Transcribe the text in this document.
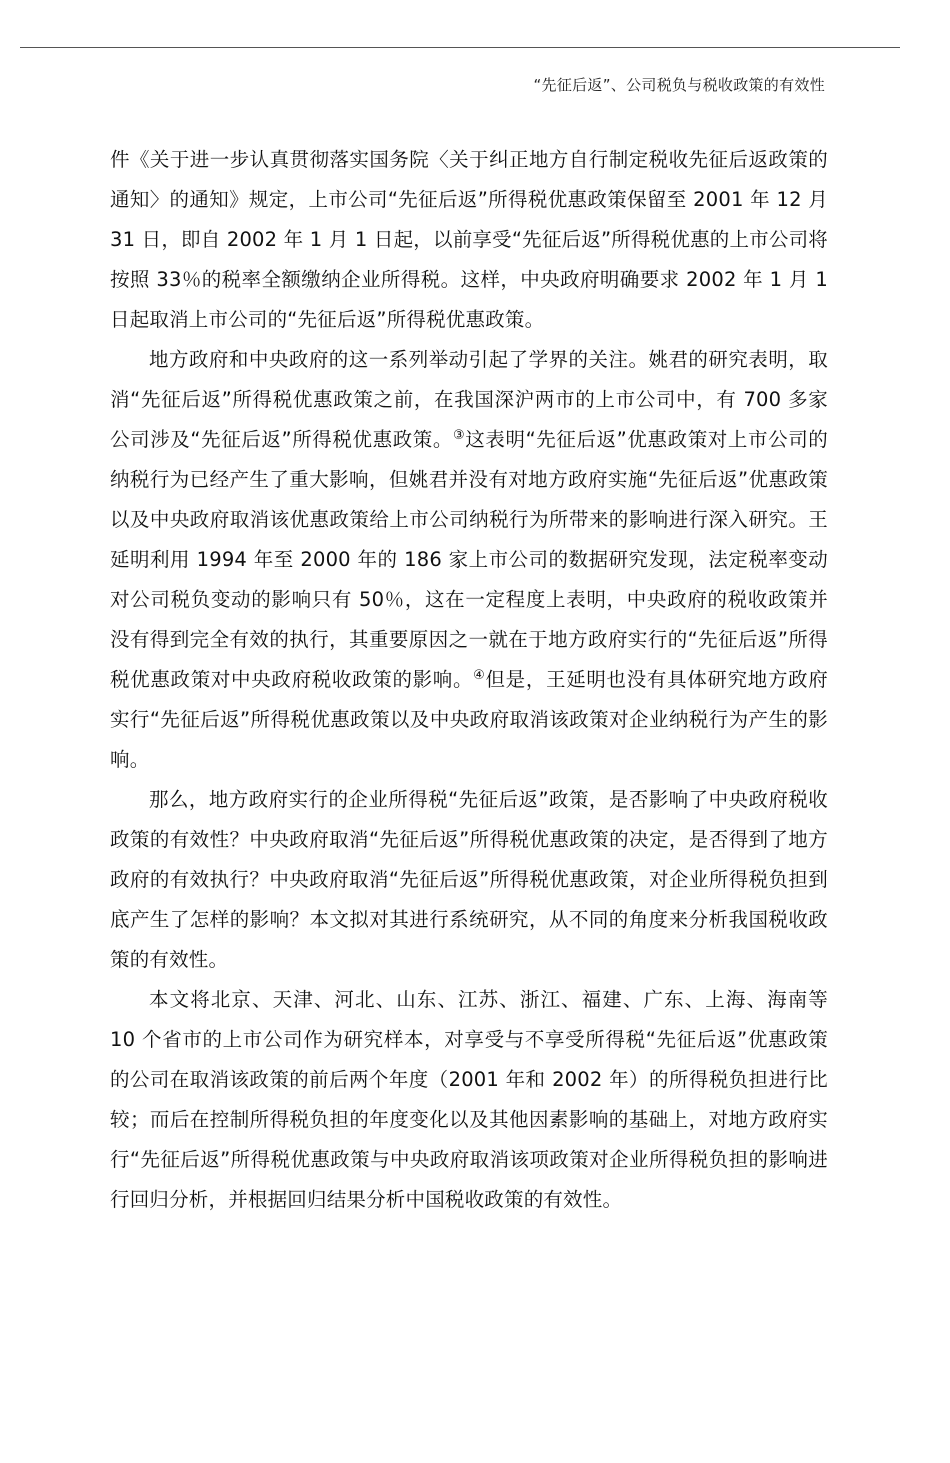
“先征后返”、公司税负与税收政策的有效性

件《关于进一步认真贯彻落实国务院〈关于纠正地方自行制定税收先征后返政策的通知〉的通知》规定，上市公司“先征后返”所得税优惠政策保留至 2001 年 12 月 31 日，即自 2002 年 1 月 1 日起，以前享受“先征后返”所得税优惠的上市公司将按照 33％的税率全额缴纳企业所得税。这样，中央政府明确要求 2002 年 1 月 1 日起取消上市公司的“先征后返”所得税优惠政策。

地方政府和中央政府的这一系列举动引起了学界的关注。姚君的研究表明，取消“先征后返”所得税优惠政策之前，在我国深沪两市的上市公司中，有 700 多家公司涉及“先征后返”所得税优惠政策。③这表明“先征后返”优惠政策对上市公司的纳税行为已经产生了重大影响，但姚君并没有对地方政府实施“先征后返”优惠政策以及中央政府取消该优惠政策给上市公司纳税行为所带来的影响进行深入研究。王延明利用 1994 年至 2000 年的 186 家上市公司的数据研究发现，法定税率变动对公司税负变动的影响只有 50％，这在一定程度上表明，中央政府的税收政策并没有得到完全有效的执行，其重要原因之一就在于地方政府实行的“先征后返”所得税优惠政策对中央政府税收政策的影响。④但是，王延明也没有具体研究地方政府实行“先征后返”所得税优惠政策以及中央政府取消该政策对企业纳税行为产生的影响。

那么，地方政府实行的企业所得税“先征后返”政策，是否影响了中央政府税收政策的有效性？中央政府取消“先征后返”所得税优惠政策的决定，是否得到了地方政府的有效执行？中央政府取消“先征后返”所得税优惠政策，对企业所得税负担到底产生了怎样的影响？本文拟对其进行系统研究，从不同的角度来分析我国税收政策的有效性。

本文将北京、天津、河北、山东、江苏、浙江、福建、广东、上海、海南等 10 个省市的上市公司作为研究样本，对享受与不享受所得税“先征后返”优惠政策的公司在取消该政策的前后两个年度（2001 年和 2002 年）的所得税负担进行比较；而后在控制所得税负担的年度变化以及其他因素影响的基础上，对地方政府实行“先征后返”所得税优惠政策与中央政府取消该项政策对企业所得税负担的影响进行回归分析，并根据回归结果分析中国税收政策的有效性。
